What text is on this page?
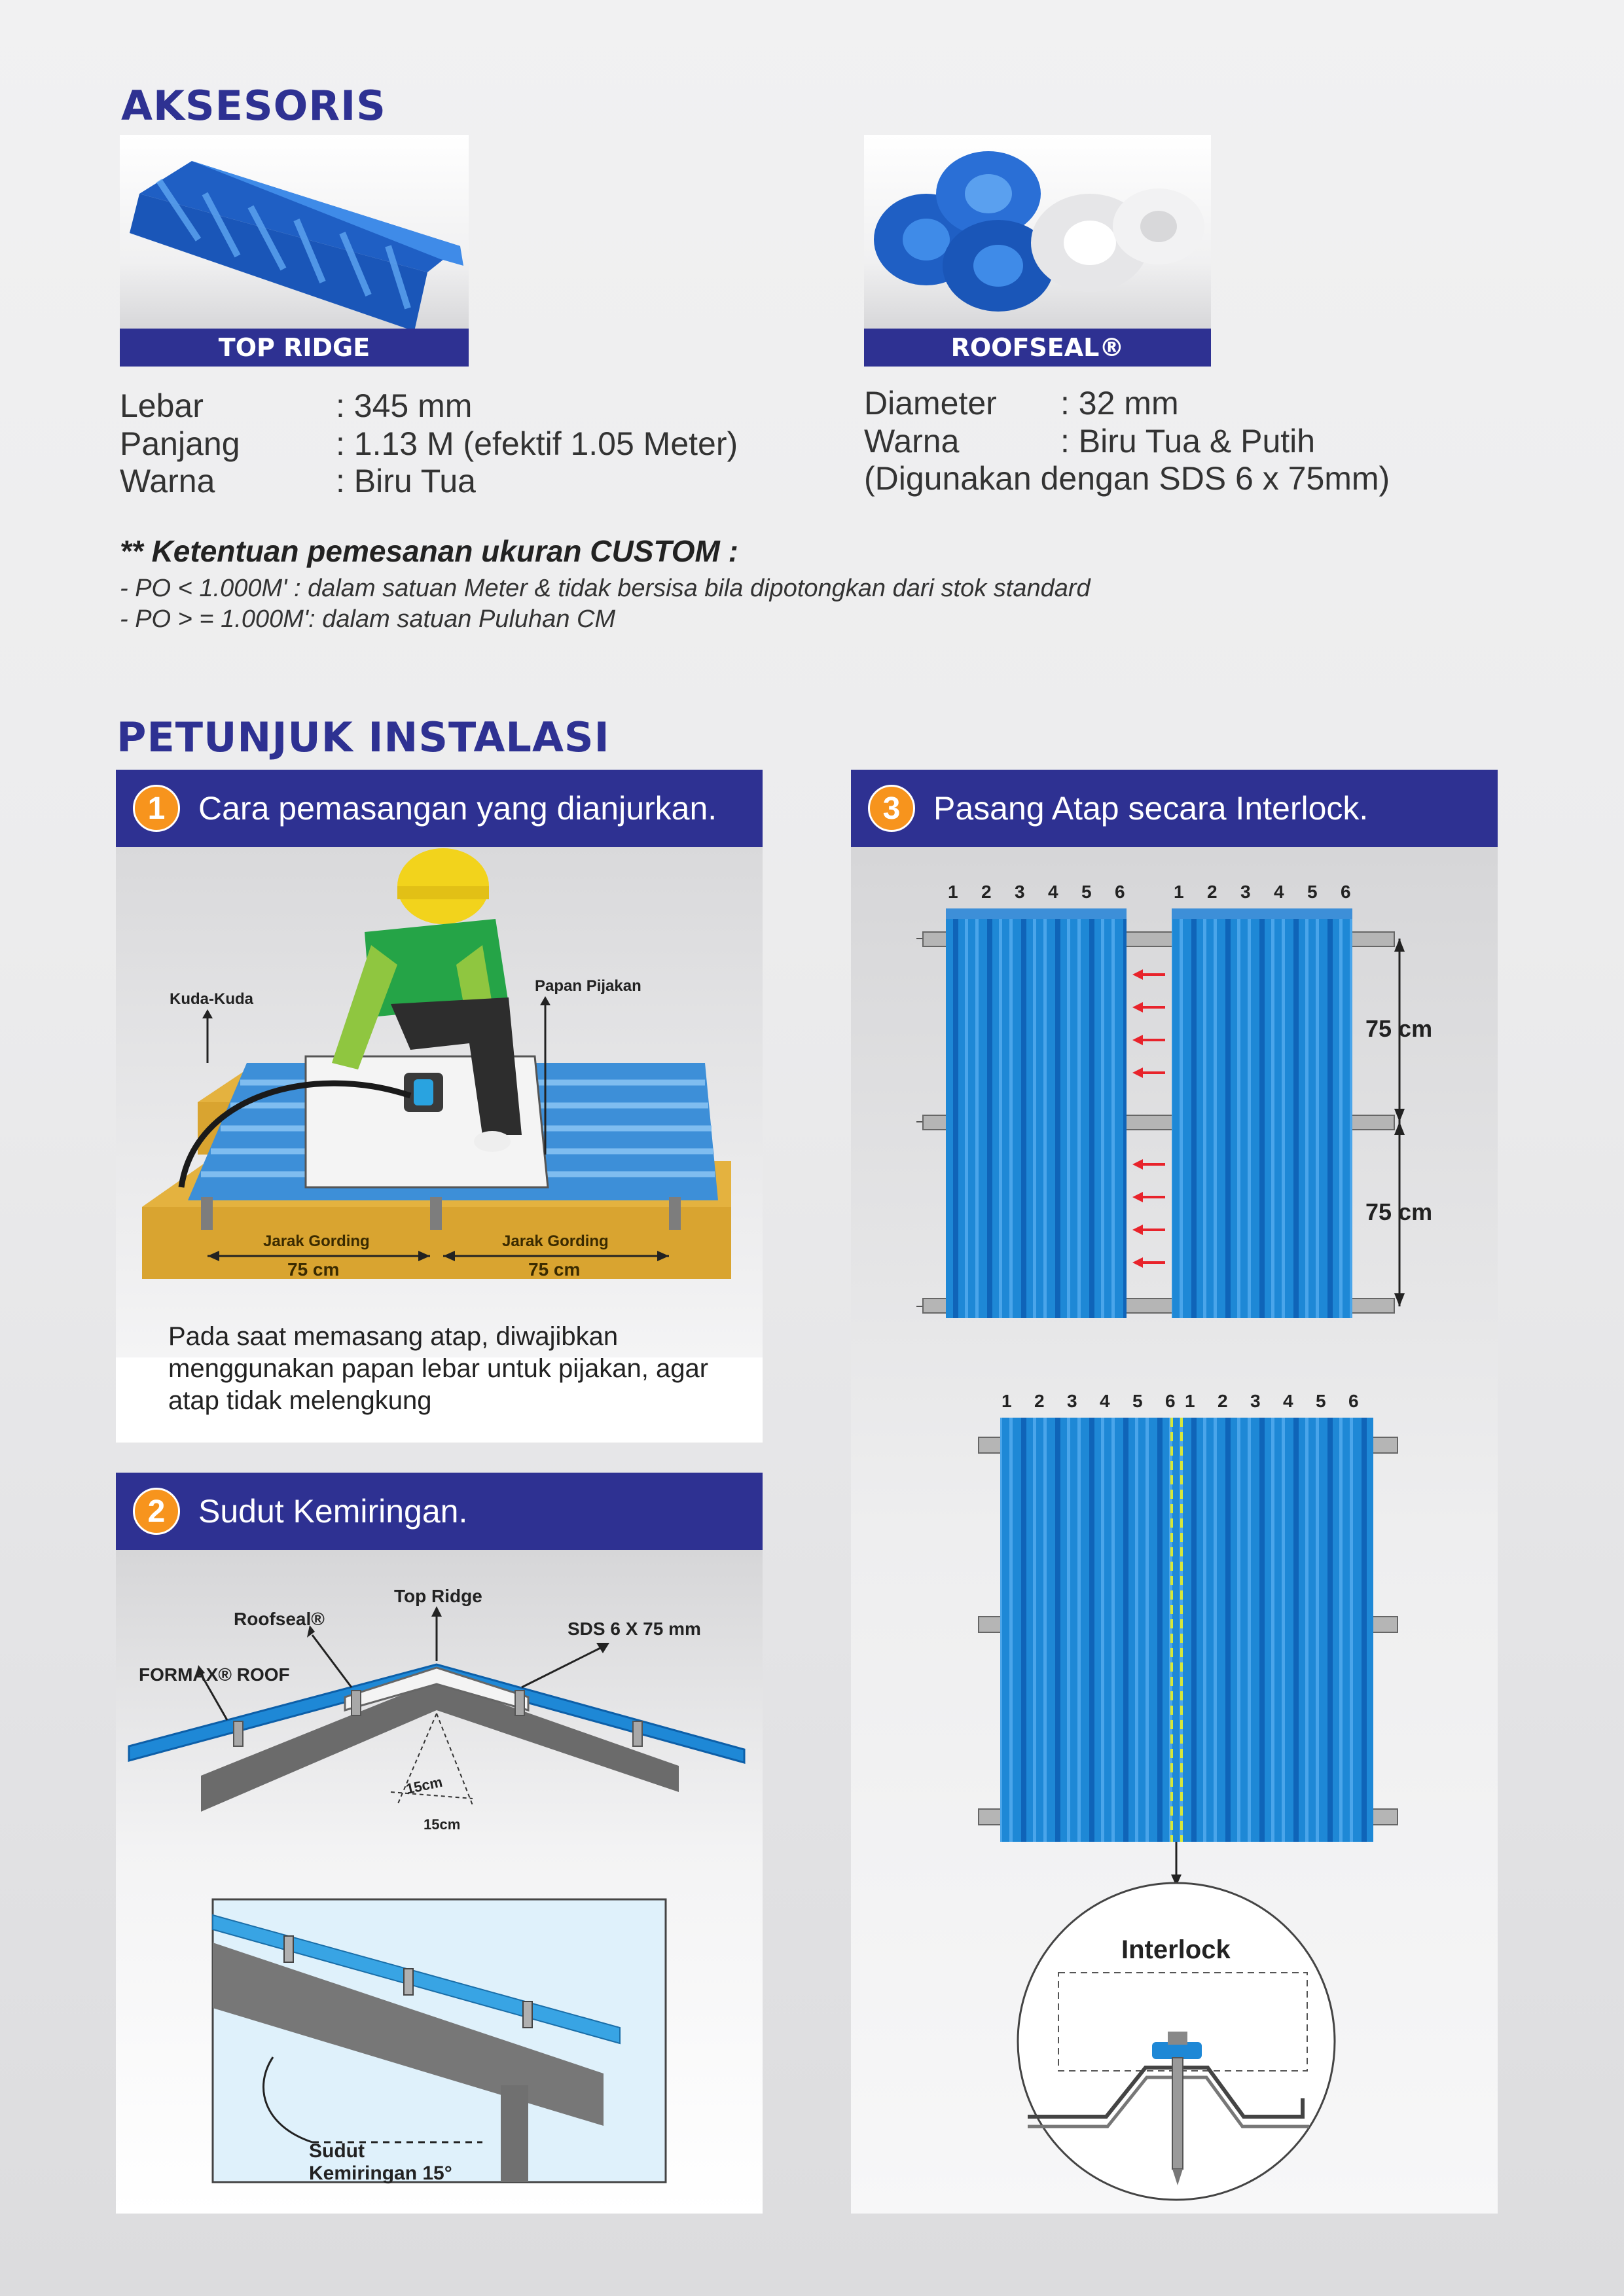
AKSESORIS
TOP RIDGE	ROOFSEAL®
Lebar	: 345 mm
Panjang	: 1.13 M (efektif 1.05 Meter)
Warna	: Biru Tua
Diameter	: 32 mm
Warna	: Biru Tua & Putih
(Digunakan dengan SDS 6 x 75mm)
** Ketentuan pemesanan ukuran CUSTOM :
- PO < 1.000M' : dalam satuan Meter & tidak bersisa bila dipotongkan dari stok standard
- PO > = 1.000M': dalam satuan Puluhan CM
PETUNJUK INSTALASI
1	Cara pemasangan yang dianjurkan.
Kuda-Kuda
Papan Pijakan
Jarak Gording	Jarak Gording
75 cm	75 cm
Pada saat memasang atap, diwajibkan menggunakan papan lebar untuk pijakan, agar atap tidak melengkung
2	Sudut Kemiringan.
Top Ridge
Roofseal®	SDS 6 X 75 mm
FORMAX® ROOF
15cm
15cm
Sudut
Kemiringan 15°
3	Pasang Atap secara Interlock.
1 2 3 4 5 6	1 2 3 4 5 6
75 cm
75 cm
1 2 3 4 5 6 1 2 3 4 5 6
Interlock
